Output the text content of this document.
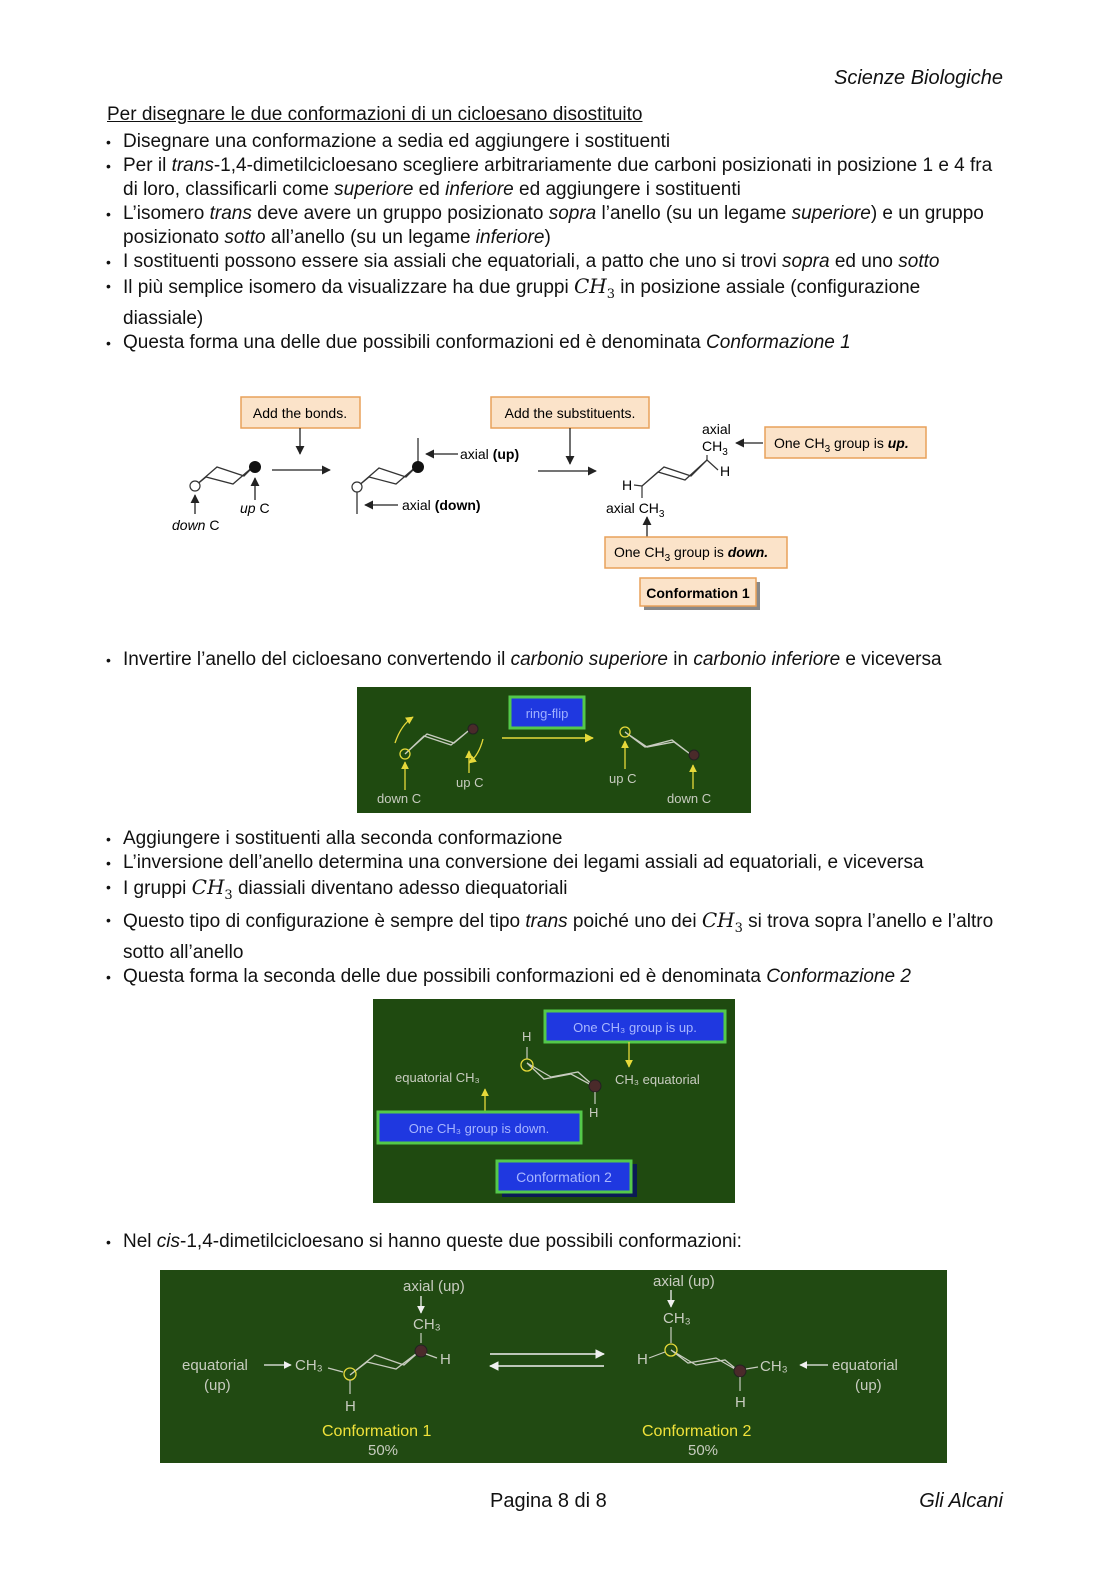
Scienze Biologiche
Per disegnare le due conformazioni di un cicloesano disostituito
• Disegnare una conformazione a sedia ed aggiungere i sostituenti
• Per il trans-1,4-dimetilcicloesano scegliere arbitrariamente due carboni posizionati in posizione 1 e 4 fra di loro, classificarli come superiore ed inferiore ed aggiungere i sostituenti
• L’isomero trans deve avere un gruppo posizionato sopra l’anello (su un legame superiore) e un gruppo posizionato sotto all’anello (su un legame inferiore)
• I sostituenti possono essere sia assiali che equatoriali, a patto che uno si trovi sopra ed uno sotto
• Il più semplice isomero da visualizzare ha due gruppi $CH_3$ in posizione assiale (configurazione diassiale)
• Questa forma una delle due possibili conformazioni ed è denominata Conformazione 1
Add the bonds.	Add the substituents.
down C
up C
axial (up)
axial (down)
axial
$CH_3$
H
H
axial $CH_3$
One $CH_3$ group is up.
One $CH_3$ group is down.
Conformation 1
• Invertire l’anello del cicloesano convertendo il carbonio superiore in carbonio inferiore e viceversa
ring-flip
down C
up C	up C
down C
• Aggiungere i sostituenti alla seconda conformazione
• L’inversione dell’anello determina una conversione dei legami assiali ad equatoriali, e viceversa
• I gruppi $CH_3$ diassiali diventano adesso diequatoriali
• Questo tipo di configurazione è sempre del tipo trans poiché uno dei $CH_3$ si trova sopra l’anello e l’altro sotto all’anello
• Questa forma la seconda delle due possibili conformazioni ed è denominata Conformazione 2
One CH₃ group is up.
H
H
equatorial CH₃	CH₃ equatorial
One CH₃ group is down.
Conformation 2
• Nel cis-1,4-dimetilcicloesano si hanno queste due possibili conformazioni:
axial (up)
CH₃
H
H
CH₃
equatorial
(up)
Conformation 1
50%
axial (up)
CH₃
H
H
CH₃	equatorial
(up)
Conformation 2
50%
Pagina 8 di 8	Gli Alcani
